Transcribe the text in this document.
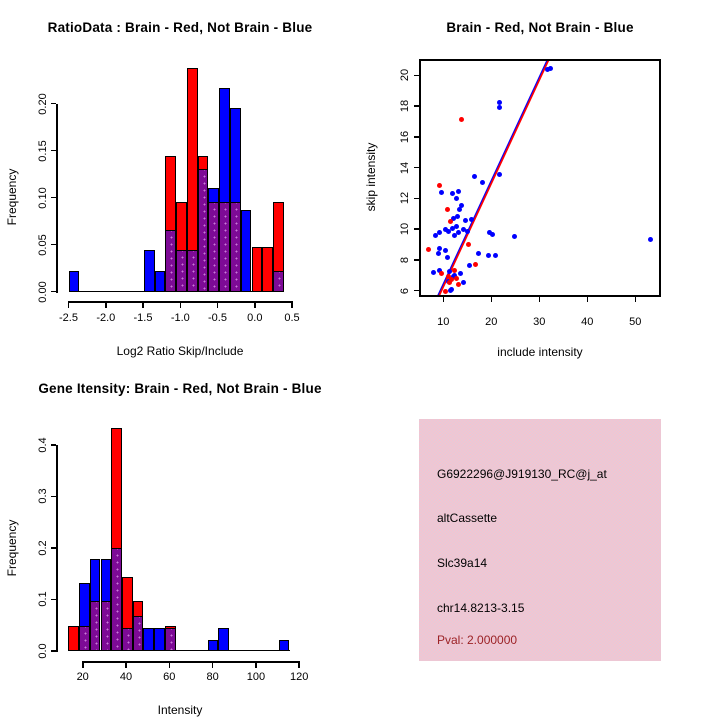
RatioData : Brain - Red, Not Brain - Blue
Log2 Ratio Skip/Include
Frequency
Brain - Red, Not Brain - Blue
include intensity
skip intensity
Gene Itensity: Brain - Red, Not Brain - Blue
Intensity
Frequency
G6922296@J919130_RC@j_at
altCassette
Slc39a14
chr14.8213-3.15
Pval: 2.000000
0.00
0.05
0.10
0.15
0.20
-2.5 -2.0 -1.5 -1.0 -0.5 0.0 0.5
0.0
0.1
0.2
0.3
0.4
20	40	60	80	100 120
10	20	30	40	50
6
8
10
12
14
16
18
20
